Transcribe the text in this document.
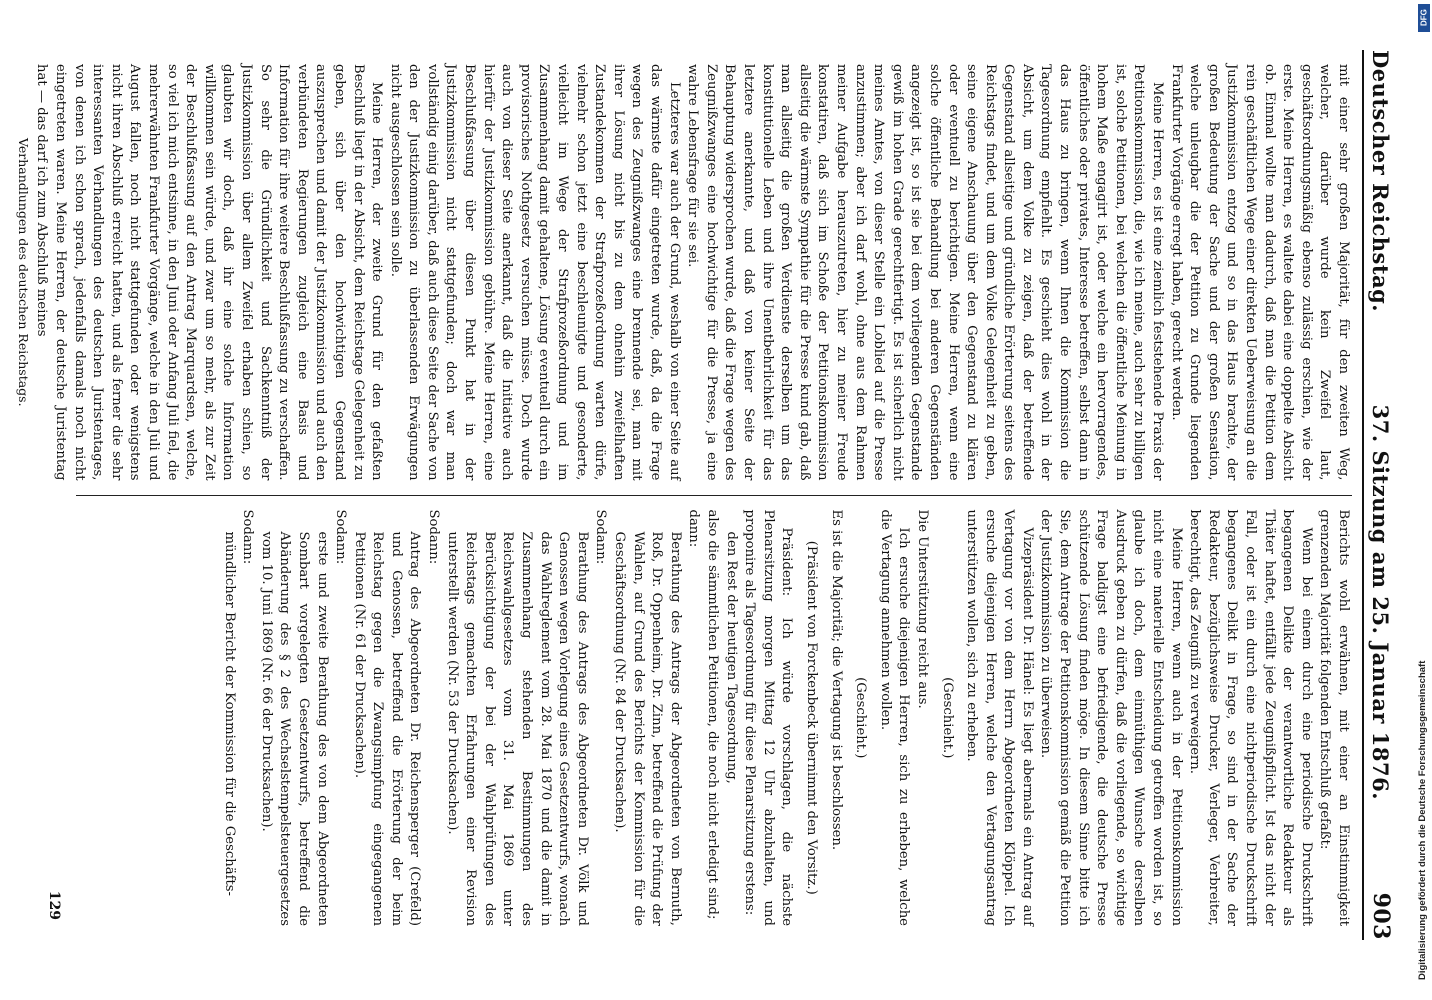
Deutscher Reichstag.
37. Sitzung am 25. Januar 1876.
903

mit einer sehr großen Majorität, für den zweiten Weg, welcher, darüber wurde kein Zweifel laut, geschäftsordnungsmäßig ebenso zulässig erschien, wie der erste. Meine Herren, es waltete dabei eine doppelte Absicht ob. Einmal wollte man dadurch, daß man die Petition dem rein geschäftlichen Wege einer direkten Ueberweisung an die Justizkommission entzog und so in das Haus brachte, der großen Bedeutung der Sache und der großen Sensation, welche unleugbar die der Petition zu Grunde liegenden Frankfurter Vorgänge erregt haben, gerecht werden.

Meine Herren, es ist eine ziemlich feststehende Praxis der Petitionskommission, die, wie ich meine, auch sehr zu billigen ist, solche Petitionen, bei welchen die öffentliche Meinung in hohem Maße engagirt ist, oder welche ein hervorragendes, öffentliches oder privates, Interesse betreffen, selbst dann in das Haus zu bringen, wenn Ihnen die Kommission die Tagesordnung empfiehlt. Es geschieht dies wohl in der Absicht, um dem Volke zu zeigen, daß der betreffende Gegenstand allseitige und gründliche Erörterung seitens des Reichstags findet, und um dem Volke Gelegenheit zu geben, seine eigene Anschauung über den Gegenstand zu klären oder eventuell zu berichtigen. Meine Herren, wenn eine solche öffentliche Behandlung bei anderen Gegenständen angezeigt ist, so ist sie bei dem vorliegenden Gegenstande gewiß im hohen Grade gerechtfertigt. Es ist sicherlich nicht meines Amtes, von dieser Stelle ein Loblied auf die Presse anzustimmen; aber ich darf wohl, ohne aus dem Rahmen meiner Aufgabe herauszutreten, hier zu meiner Freude konstatiren, daß sich im Schoße der Petitionskommission allseitig die wärmste Sympathie für die Presse kund gab, daß man allseitig die großen Verdienste derselben um das konstitutionelle Leben und ihre Unentbehrlichkeit für das letztere anerkannte, und daß von keiner Seite der Behauptung widersprochen wurde, daß die Frage wegen des Zeugnißzwanges eine hochwichtige für die Presse, ja eine wahre Lebensfrage für sie sei.

Letzteres war auch der Grund, weshalb von einer Seite auf das wärmste dafür eingetreten wurde, daß, da die Frage wegen des Zeugnißzwanges eine brennende sei, man mit ihrer Lösung nicht bis zu dem ohnehin zweifelhaften Zustandekommen der Strafprozeßordnung warten dürfe, vielmehr schon jetzt eine beschleunigte und gesonderte, vielleicht im Wege der Strafprozeßordnung und im Zusammenhang damit gehaltene, Lösung eventuell durch ein provisorisches Nothgesetz versuchen müsse. Doch wurde auch von dieser Seite anerkannt, daß die Initiative auch hierfür der Justizkommission gebühre. Meine Herren, eine Beschlußfassung über diesen Punkt hat in der Justizkommission nicht stattgefunden; doch war man vollständig einig darüber, daß auch diese Seite der Sache von den der Justizkommission zu überlassenden Erwägungen nicht ausgeschlossen sein solle.

Meine Herren, der zweite Grund für den gefaßten Beschluß liegt in der Absicht, dem Reichstage Gelegenheit zu geben, sich über den hochwichtigen Gegenstand auszusprechen und damit der Justizkommission und auch den verbündeten Regierungen zugleich eine Basis und Information für ihre weitere Beschlußfassung zu verschaffen. So sehr die Gründlichkeit und Sachkenntniß der Justizkommission über allem Zweifel erhaben schien, so glaubten wir doch, daß ihr eine solche Information willkommen sein würde, und zwar um so mehr, als zur Zeit der Beschlußfassung auf den Antrag Marquardsen, welche, so viel ich mich entsinne, in den Juni oder Anfang Juli fiel, die mehrerwähnten Frankfurter Vorgänge, welche in den Juli und August fallen, noch nicht stattgefunden oder wenigstens nicht ihren Abschluß erreicht hatten, und als ferner die sehr interessanten Verhandlungen des deutschen Juristentages, von denen ich schon sprach, jedenfalls damals noch nicht eingetreten waren. Meine Herren, der deutsche Juristentag hat — das darf ich zum Abschluß meines

Verhandlungen des deutschen Reichstags.

Berichts wohl erwähnen, mit einer an Einstimmigkeit grenzenden Majorität folgenden Entschluß gefaßt:

Wenn bei einem durch eine periodische Druckschrift begangenen Delikte der verantwortliche Redakteur als Thäter haftet, entfällt jede Zeugnißpflicht. Ist das nicht der Fall, oder ist ein durch eine nichtperiodische Druckschrift begangenes Delikt in Frage, so sind in der Sache der Redakteur, bezüglichsweise Drucker, Verleger, Verbreiter, berechtigt, das Zeugniß zu verweigern.

Meine Herren, wenn auch in der Petitionskommission nicht eine materielle Entscheidung getroffen worden ist, so glaube ich doch, dem einmüthigen Wunsche derselben Ausdruck geben zu dürfen, daß die vorliegende, so wichtige Frage baldigst eine befriedigende, die deutsche Presse schützende Lösung finden möge. In diesem Sinne bitte ich Sie, dem Antrage der Petitionskommission gemäß die Petition der Justizkommission zu überweisen.

Vizepräsident Dr. Hänel: Es liegt abermals ein Antrag auf Vertagung vor von dem Herrn Abgeordneten Klöppel. Ich ersuche diejenigen Herren, welche den Vertagungsantrag unterstützen wollen, sich zu erheben.

(Geschieht.)

Die Unterstützung reicht aus.

Ich ersuche diejenigen Herren, sich zu erheben, welche die Vertagung annehmen wollen.

(Geschieht.)

Es ist die Majorität; die Vertagung ist beschlossen.

(Präsident von Forckenbeck übernimmt den Vorsitz.)

Präsident: Ich würde vorschlagen, die nächste Plenarsitzung morgen Mittag 12 Uhr abzuhalten, und proponire als Tagesordnung für diese Plenarsitzung erstens:

den Rest der heutigen Tagesordnung,

also die sämmtlichen Petitionen, die noch nicht erledigt sind;

dann:

Berathung des Antrags der Abgeordneten von Bernuth, Roß, Dr. Oppenheim, Dr. Zinn, betreffend die Prüfung der Wahlen, auf Grund des Berichts der Kommission für die Geschäftsordnung (Nr. 84 der Drucksachen).

Sodann:

Berathung des Antrags des Abgeordneten Dr. Völk und Genossen wegen Vorlegung eines Gesetzentwurfs, wonach das Wahlreglement vom 28. Mai 1870 und die damit in Zusammenhang stehenden Bestimmungen des Reichswahlgesetzes vom 31. Mai 1869 unter Berücksichtigung der bei der Wahlprüfungen des Reichstags gemachten Erfahrungen einer Revision unterstellt werden (Nr. 53 der Drucksachen).

Sodann:

Antrag des Abgeordneten Dr. Reichensperger (Crefeld) und Genossen, betreffend die Erörterung der beim Reichstag gegen die Zwangsimpfung eingegangenen Petitionen (Nr. 61 der Drucksachen).

Sodann:

erste und zweite Berathung des von dem Abgeordneten Sombart vorgelegten Gesetzentwurfs, betreffend die Abänderung des § 2 des Wechselstempelsteuergesetzes vom 10. Juni 1869 (Nr. 66 der Drucksachen).

Sodann:

mündlicher Bericht der Kommission für die Geschäfts-

129
DFG
Digitalisierung gefördert durch die Deutsche Forschungsgemeinschaft
